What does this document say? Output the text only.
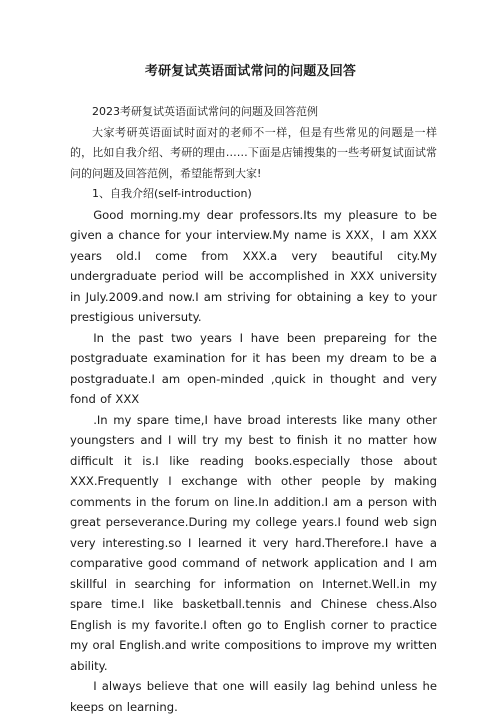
考研复试英语面试常问的问题及回答

2023考研复试英语面试常问的问题及回答范例

大家考研英语面试时面对的老师不一样，但是有些常见的问题是一样的，比如自我介绍、考研的理由……下面是店铺搜集的一些考研复试面试常问的问题及回答范例，希望能帮到大家!

1、自我介绍(self-introduction)

Good morning.my dear professors.Its my pleasure to be given a chance for your interview.My name is XXX，I am XXX years old.I come from XXX.a very beautiful city.My undergraduate period will be accomplished in XXX university in July.2009.and now.I am striving for obtaining a key to your prestigious universuty.

In the past two years I have been prepareing for the postgraduate examination for it has been my dream to be a postgraduate.I am open-minded ,quick in thought and very fond of XXX

.In my spare time,I have broad interests like many other youngsters and I will try my best to finish it no matter how difficult it is.I like reading books.especially those about XXX.Frequently I exchange with other people by making comments in the forum on line.In addition.I am a person with great perseverance.During my college years.I found web sign very interesting.so I learned it very hard.Therefore.I have a comparative good command of network application and I am skillful in searching for information on Internet.Well.in my spare time.I like basketball.tennis and Chinese chess.Also English is my favorite.I often go to English corner to practice my oral English.and write compositions to improve my written ability.

I always believe that one will easily lag behind unless he keeps on learning.
